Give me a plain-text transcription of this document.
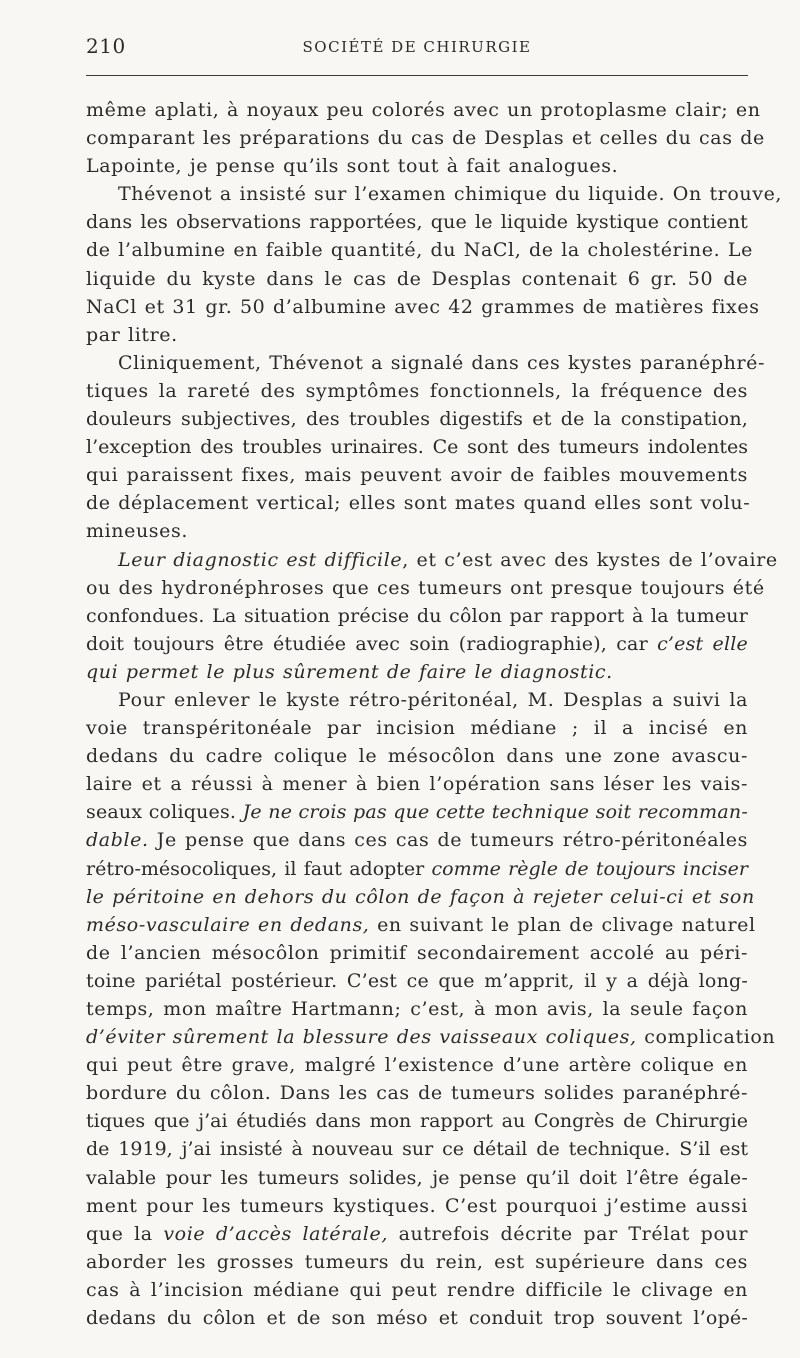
210	SOCIÉTÉ DE CHIRURGIE
même aplati, à noyaux peu colorés avec un protoplasme clair; en
comparant les préparations du cas de Desplas et celles du cas de
Lapointe, je pense qu’ils sont tout à fait analogues.
Thévenot a insisté sur l’examen chimique du liquide. On trouve,
dans les observations rapportées, que le liquide kystique contient
de l’albumine en faible quantité, du NaCl, de la cholestérine. Le
liquide du kyste dans le cas de Desplas contenait 6 gr. 50 de
NaCl et 31 gr. 50 d’albumine avec 42 grammes de matières fixes
par litre.
Cliniquement, Thévenot a signalé dans ces kystes paranéphré-
tiques la rareté des symptômes fonctionnels, la fréquence des
douleurs subjectives, des troubles digestifs et de la constipation,
l’exception des troubles urinaires. Ce sont des tumeurs indolentes
qui paraissent fixes, mais peuvent avoir de faibles mouvements
de déplacement vertical; elles sont mates quand elles sont volu-
mineuses.
Leur diagnostic est difficile, et c’est avec des kystes de l’ovaire
ou des hydronéphroses que ces tumeurs ont presque toujours été
confondues. La situation précise du côlon par rapport à la tumeur
doit toujours être étudiée avec soin (radiographie), car c’est elle
qui permet le plus sûrement de faire le diagnostic.
Pour enlever le kyste rétro-péritonéal, M. Desplas a suivi la
voie transpéritonéale par incision médiane ; il a incisé en
dedans du cadre colique le mésocôlon dans une zone avascu-
laire et a réussi à mener à bien l’opération sans léser les vais-
seaux coliques. Je ne crois pas que cette technique soit recomman-
dable. Je pense que dans ces cas de tumeurs rétro-péritonéales
rétro-mésocoliques, il faut adopter comme règle de toujours inciser
le péritoine en dehors du côlon de façon à rejeter celui-ci et son
méso-vasculaire en dedans, en suivant le plan de clivage naturel
de l’ancien mésocôlon primitif secondairement accolé au péri-
toine pariétal postérieur. C’est ce que m’apprit, il y a déjà long-
temps, mon maître Hartmann; c’est, à mon avis, la seule façon
d’éviter sûrement la blessure des vaisseaux coliques, complication
qui peut être grave, malgré l’existence d’une artère colique en
bordure du côlon. Dans les cas de tumeurs solides paranéphré-
tiques que j’ai étudiés dans mon rapport au Congrès de Chirurgie
de 1919, j’ai insisté à nouveau sur ce détail de technique. S’il est
valable pour les tumeurs solides, je pense qu’il doit l’être égale-
ment pour les tumeurs kystiques. C’est pourquoi j’estime aussi
que la voie d’accès latérale, autrefois décrite par Trélat pour
aborder les grosses tumeurs du rein, est supérieure dans ces
cas à l’incision médiane qui peut rendre difficile le clivage en
dedans du côlon et de son méso et conduit trop souvent l’opé-
